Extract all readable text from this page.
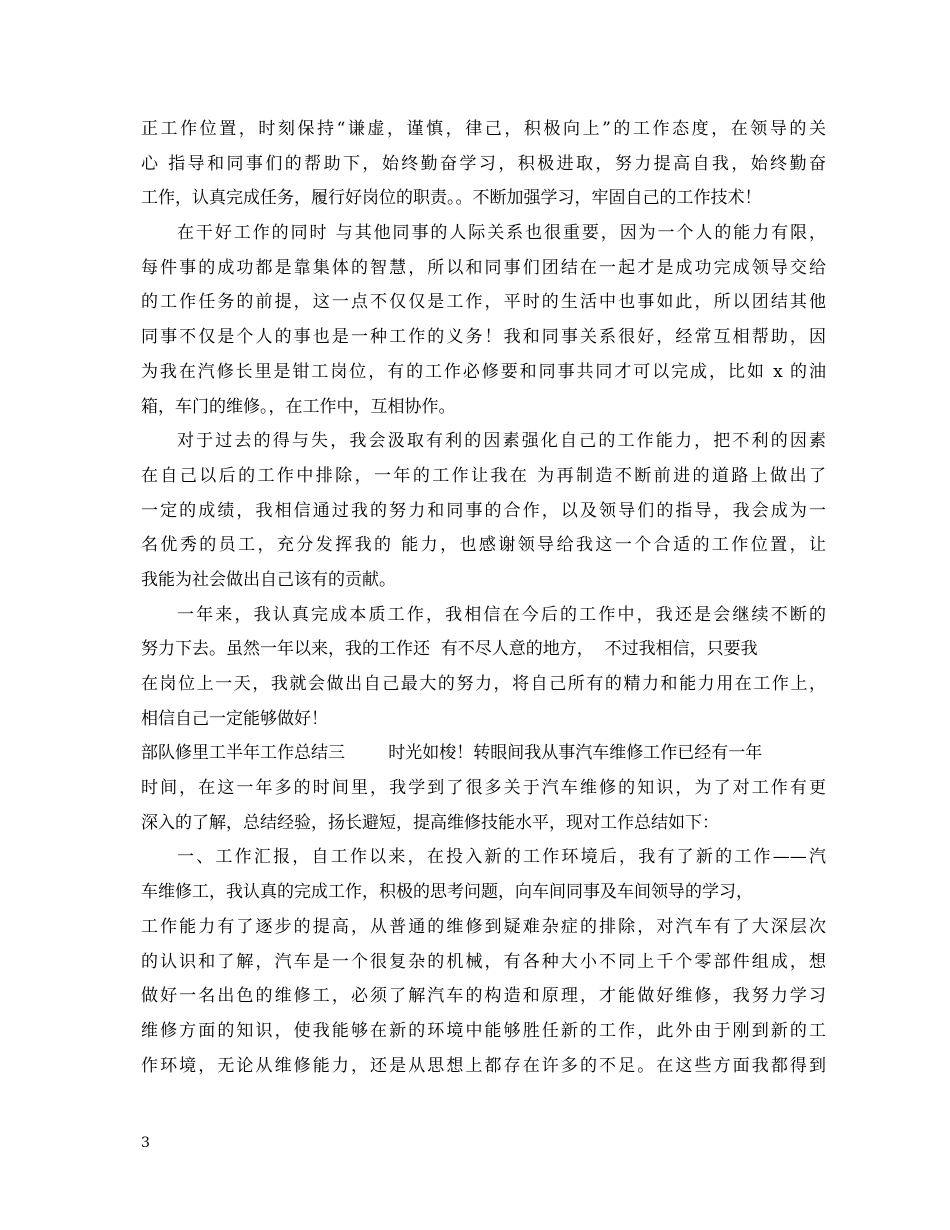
正工作位置，时刻保持“谦虚，谨慎，律己，积极向上”的工作态度，在领导的关
心 指导和同事们的帮助下，始终勤奋学习，积极进取，努力提高自我，始终勤奋
工作，认真完成任务，履行好岗位的职责。。不断加强学习，牢固自己的工作技术！
在干好工作的同时 与其他同事的人际关系也很重要，因为一个人的能力有限，
每件事的成功都是靠集体的智慧，所以和同事们团结在一起才是成功完成领导交给
的工作任务的前提，这一点不仅仅是工作，平时的生活中也事如此，所以团结其他
同事不仅是个人的事也是一种工作的义务！我和同事关系很好，经常互相帮助，因
为我在汽修长里是钳工岗位，有的工作必修要和同事共同才可以完成，比如 x 的油
箱，车门的维修。，在工作中，互相协作。
对于过去的得与失，我会汲取有利的因素强化自己的工作能力，把不利的因素
在自己以后的工作中排除，一年的工作让我在 为再制造不断前进的道路上做出了
一定的成绩，我相信通过我的努力和同事的合作，以及领导们的指导，我会成为一
名优秀的员工，充分发挥我的 能力，也感谢领导给我这一个合适的工作位置，让
我能为社会做出自己该有的贡献。
一年来，我认真完成本质工作，我相信在今后的工作中，我还是会继续不断的
努力下去。虽然一年以来，我的工作还  有不尽人意的地方，  不过我相信，只要我
在岗位上一天，我就会做出自己最大的努力，将自己所有的精力和能力用在工作上，
相信自己一定能够做好！
部队修里工半年工作总结三        时光如梭！转眼间我从事汽车维修工作已经有一年
时间，在这一年多的时间里，我学到了很多关于汽车维修的知识，为了对工作有更
深入的了解，总结经验，扬长避短，提高维修技能水平，现对工作总结如下：
一、工作汇报，自工作以来，在投入新的工作环境后，我有了新的工作——汽
车维修工，我认真的完成工作，积极的思考问题，向车间同事及车间领导的学习，
工作能力有了逐步的提高，从普通的维修到疑难杂症的排除，对汽车有了大深层次
的认识和了解，汽车是一个很复杂的机械，有各种大小不同上千个零部件组成，想
做好一名出色的维修工，必须了解汽车的构造和原理，才能做好维修，我努力学习
维修方面的知识，使我能够在新的环境中能够胜任新的工作，此外由于刚到新的工
作环境，无论从维修能力，还是从思想上都存在许多的不足。在这些方面我都得到
3
